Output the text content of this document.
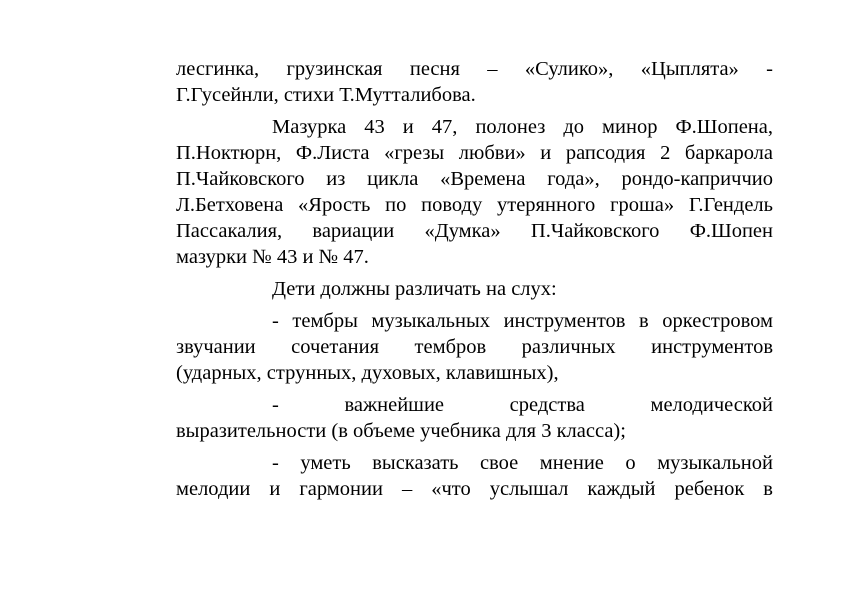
лесгинка, грузинская песня – «Сулико», «Цыплята» -
Г.Гусейнли, стихи Т.Мутталибова.
Мазурка 43 и 47, полонез до минор Ф.Шопена,
П.Ноктюрн, Ф.Листа «грезы любви» и рапсодия 2 баркарола
П.Чайковского из цикла «Времена года», рондо-каприччио
Л.Бетховена «Ярость по поводу утерянного гроша» Г.Гендель
Пассакалия, вариации «Думка» П.Чайковского Ф.Шопен
мазурки № 43 и № 47.
Дети должны различать на слух:
- тембры музыкальных инструментов в оркестровом
звучании сочетания тембров различных инструментов
(ударных, струнных, духовых, клавишных),
- важнейшие средства мелодической
выразительности (в объеме учебника для 3 класса);
- уметь высказать свое мнение о музыкальной
мелодии и гармонии – «что услышал каждый ребенок в
